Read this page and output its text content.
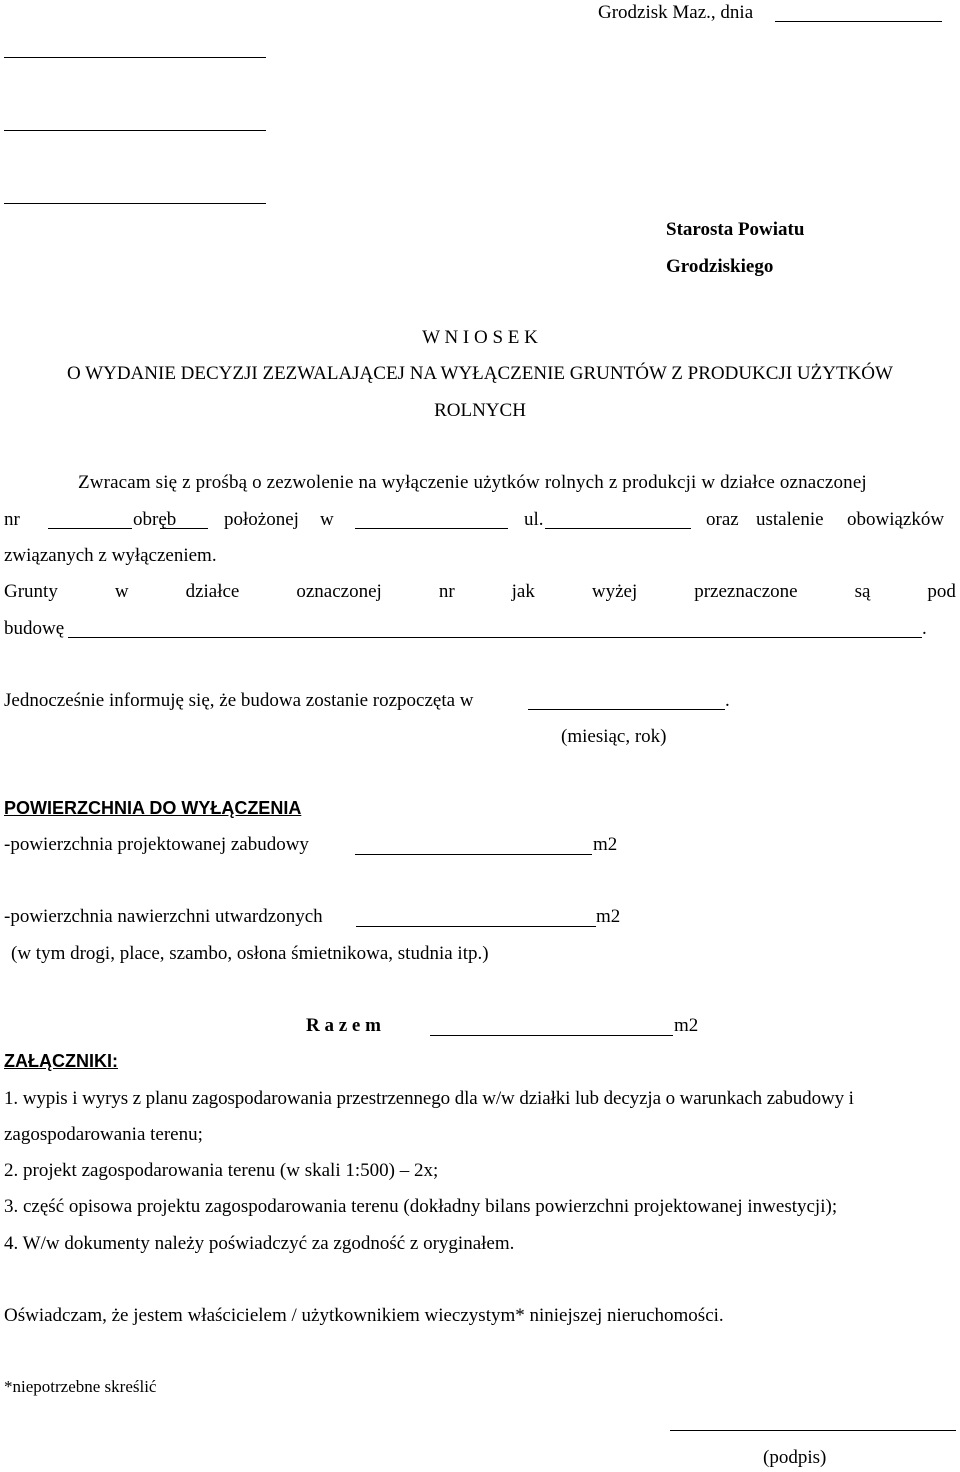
Grodzisk Maz., dnia
Starosta Powiatu
Grodziskiego
W N I O S E K
O WYDANIE DECYZJI ZEZWALAJĄCEJ NA WYŁĄCZENIE GRUNTÓW Z PRODUKCJI UŻYTKÓW
ROLNYCH
Zwracam się z prośbą o zezwolenie na wyłączenie użytków rolnych z produkcji w działce oznaczonej
nr	obręb	położonej w	ul.	oraz ustalenie obowiązków
związanych z wyłączeniem.
Grunty	w	działce	oznaczonej	nr	jak	wyżej	przeznaczone	są	pod
budowę	.
Jednocześnie informuję się, że budowa zostanie rozpoczęta w	.
(miesiąc, rok)
POWIERZCHNIA DO WYŁĄCZENIA
-powierzchnia projektowanej zabudowy	m2
-powierzchnia nawierzchni utwardzonych	m2
(w tym drogi, place, szambo, osłona śmietnikowa, studnia itp.)
R a z e m	m2
ZAŁĄCZNIKI:
1. wypis i wyrys z planu zagospodarowania przestrzennego dla w/w działki lub decyzja o warunkach zabudowy i
zagospodarowania terenu;
2. projekt zagospodarowania terenu (w skali 1:500) – 2x;
3. część opisowa projektu zagospodarowania terenu (dokładny bilans powierzchni projektowanej inwestycji);
4. W/w dokumenty należy poświadczyć za zgodność z oryginałem.
Oświadczam, że jestem właścicielem / użytkownikiem wieczystym* niniejszej nieruchomości.
*niepotrzebne skreślić
(podpis)
